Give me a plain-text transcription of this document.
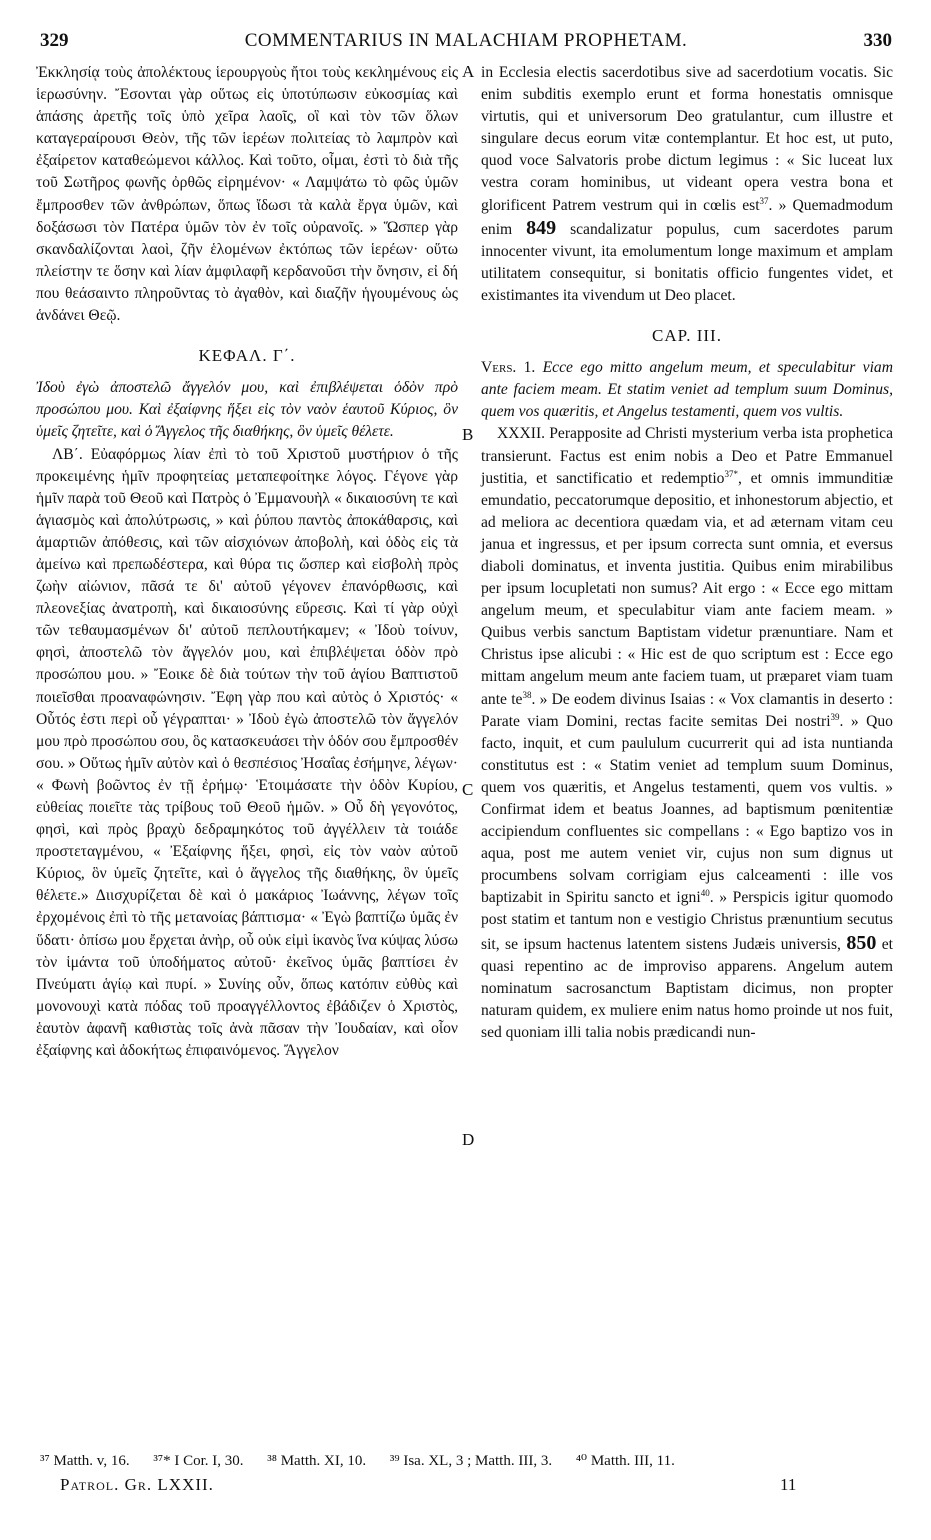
329	COMMENTARIUS IN MALACHIAM PROPHETAM.	330
A
B
C
D

Ἐκκλησίᾳ τοὺς ἀπολέκτους ἱερουργοὺς ἤτοι τοὺς κεκλημένους εἰς ἱερωσύνην. Ἔσονται γὰρ οὕτως εἰς ὑποτύπωσιν εὐκοσμίας καὶ ἁπάσης ἀρετῆς τοῖς ὑπὸ χεῖρα λαοῖς, οἳ καὶ τὸν τῶν ὅλων καταγεραίρουσι Θεὸν, τῆς τῶν ἱερέων πολιτείας τὸ λαμπρὸν καὶ ἐξαίρετον καταθεώμενοι κάλλος. Καὶ τοῦτο, οἶμαι, ἐστὶ τὸ διὰ τῆς τοῦ Σωτῆρος φωνῆς ὀρθῶς εἰρημένον· « Λαμψάτω τὸ φῶς ὑμῶν ἔμπροσθεν τῶν ἀνθρώπων, ὅπως ἴδωσι τὰ καλὰ ἔργα ὑμῶν, καὶ δοξάσωσι τὸν Πατέρα ὑμῶν τὸν ἐν τοῖς οὐρανοῖς. » Ὥσπερ γὰρ σκανδαλίζονται λαοὶ, ζῆν ἑλομένων ἐκτόπως τῶν ἱερέων· οὕτω πλείστην τε ὅσην καὶ λίαν ἀμφιλαφῆ κερδανοῦσι τὴν ὄνησιν, εἰ δή που θεάσαιντο πληροῦντας τὸ ἀγαθὸν, καὶ διαζῆν ἡγουμένους ὡς ἁνδάνει Θεῷ.

ΚΕΦΑΛ. Γ΄.

Ἰδοὺ ἐγὼ ἀποστελῶ ἄγγελόν μου, καὶ ἐπιβλέψεται ὁδὸν πρὸ προσώπου μου. Καὶ ἐξαίφνης ἥξει εἰς τὸν ναὸν ἑαυτοῦ Κύριος, ὃν ὑμεῖς ζητεῖτε, καὶ ὁ Ἄγγελος τῆς διαθήκης, ὃν ὑμεῖς θέλετε.

ΛΒ΄. Εὐαφόρμως λίαν ἐπὶ τὸ τοῦ Χριστοῦ μυστήριον ὁ τῆς προκειμένης ἡμῖν προφητείας μεταπεφοίτηκε λόγος. Γέγονε γὰρ ἡμῖν παρὰ τοῦ Θεοῦ καὶ Πατρὸς ὁ Ἐμμανουὴλ « δικαιοσύνη τε καὶ ἁγιασμὸς καὶ ἀπολύτρωσις, » καὶ ῥύπου παντὸς ἀποκάθαρσις, καὶ ἁμαρτιῶν ἀπόθεσις, καὶ τῶν αἰσχιόνων ἀποβολὴ, καὶ ὁδὸς εἰς τὰ ἀμείνω καὶ πρεπωδέστερα, καὶ θύρα τις ὥσπερ καὶ εἰσβολὴ πρὸς ζωὴν αἰώνιον, πᾶσά τε δι' αὐτοῦ γέγονεν ἐπανόρθωσις, καὶ πλεονεξίας ἀνατροπὴ, καὶ δικαιοσύνης εὕρεσις. Καὶ τί γὰρ οὐχὶ τῶν τεθαυμασμένων δι' αὐτοῦ πεπλουτήκαμεν; « Ἰδοὺ τοίνυν, φησὶ, ἀποστελῶ τὸν ἄγγελόν μου, καὶ ἐπιβλέψεται ὁδὸν πρὸ προσώπου μου. » Ἔοικε δὲ διὰ τούτων τὴν τοῦ ἁγίου Βαπτιστοῦ ποιεῖσθαι προαναφώνησιν. Ἔφη γὰρ που καὶ αὐτὸς ὁ Χριστός· « Οὗτός ἐστι περὶ οὗ γέγραπται· » Ἰδοὺ ἐγὼ ἀποστελῶ τὸν ἄγγελόν μου πρὸ προσώπου σου, ὃς κατασκευάσει τὴν ὁδόν σου ἔμπροσθέν σου. » Οὕτως ἡμῖν αὐτὸν καὶ ὁ θεσπέσιος Ἠσαΐας ἐσήμηνε, λέγων· « Φωνὴ βοῶντος ἐν τῇ ἐρήμῳ· Ἑτοιμάσατε τὴν ὁδὸν Κυρίου, εὐθείας ποιεῖτε τὰς τρίβους τοῦ Θεοῦ ἡμῶν. » Οὗ δὴ γεγονότος, φησὶ, καὶ πρὸς βραχὺ δεδραμηκότος τοῦ ἀγγέλλειν τὰ τοιάδε προστεταγμένου, « Ἐξαίφνης ἥξει, φησὶ, εἰς τὸν ναὸν αὐτοῦ Κύριος, ὃν ὑμεῖς ζητεῖτε, καὶ ὁ ἄγγελος τῆς διαθήκης, ὃν ὑμεῖς θέλετε.» Διισχυρίζεται δὲ καὶ ὁ μακάριος Ἰωάννης, λέγων τοῖς ἐρχομένοις ἐπὶ τὸ τῆς μετανοίας βάπτισμα· « Ἐγὼ βαπτίζω ὑμᾶς ἐν ὕδατι· ὀπίσω μου ἔρχεται ἀνὴρ, οὗ οὐκ εἰμὶ ἱκανὸς ἵνα κύψας λύσω τὸν ἱμάντα τοῦ ὑποδήματος αὐτοῦ· ἐκεῖνος ὑμᾶς βαπτίσει ἐν Πνεύματι ἁγίῳ καὶ πυρί. » Συνίης οὖν, ὅπως κατόπιν εὐθὺς καὶ μονονουχὶ κατὰ πόδας τοῦ προαγγέλλοντος ἐβάδιζεν ὁ Χριστὸς, ἑαυτὸν ἀφανῆ καθιστὰς τοῖς ἀνὰ πᾶσαν τὴν Ἰουδαίαν, καὶ οἷον ἐξαίφνης καὶ ἀδοκήτως ἐπιφαινόμενος. Ἄγγελον

in Ecclesia electis sacerdotibus sive ad sacerdotium vocatis. Sic enim subditis exemplo erunt et forma honestatis omnisque virtutis, qui et universorum Deo gratulantur, cum illustre et singulare decus eorum vitæ contemplantur. Et hoc est, ut puto, quod voce Salvatoris probe dictum legimus : « Sic luceat lux vestra coram hominibus, ut videant opera vestra bona et glorificent Patrem vestrum qui in cœlis est$^{37}$. » Quemadmodum enim 849 scandalizatur populus, cum sacerdotes parum innocenter vivunt, ita emolumentum longe maximum et amplam utilitatem consequitur, si bonitatis officio fungentes videt, et existimantes ita vivendum ut Deo placet.

CAP. III.

Vers. 1. Ecce ego mitto angelum meum, et speculabitur viam ante faciem meam. Et statim veniet ad templum suum Dominus, quem vos quæritis, et Angelus testamenti, quem vos vultis.

XXXII. Perapposite ad Christi mysterium verba ista prophetica transierunt. Factus est enim nobis a Deo et Patre Emmanuel justitia, et sanctificatio et redemptio$^{37*}$, et omnis immunditiæ emundatio, peccatorumque depositio, et inhonestorum abjectio, et ad meliora ac decentiora quædam via, et ad æternam vitam ceu janua et ingressus, et per ipsum correcta sunt omnia, et eversus diaboli dominatus, et inventa justitia. Quibus enim mirabilibus per ipsum locupletati non sumus? Ait ergo : « Ecce ego mittam angelum meum, et speculabitur viam ante faciem meam. » Quibus verbis sanctum Baptistam videtur prænuntiare. Nam et Christus ipse alicubi : « Hic est de quo scriptum est : Ecce ego mittam angelum meum ante faciem tuam, ut præparet viam tuam ante $te^{38}$. » De eodem divinus Isaias : « Vox clamantis in deserto : Parate viam Domini, rectas facite semitas Dei nostri$^{39}$. » Quo facto, inquit, et cum paululum cucurrerit qui ad ista nuntianda constitutus est : « Statim veniet ad templum suum Dominus, quem vos quæritis, et Angelus testamenti, quem vos vultis. » Confirmat idem et beatus Joannes, ad baptismum pœnitentiæ accipiendum confluentes sic compellans : « Ego baptizo vos in aqua, post me autem veniet vir, cujus non sum dignus ut procumbens solvam corrigiam ejus calceamenti : ille vos baptizabit in Spiritu sancto et igni$^{40}$. » Perspicis igitur quomodo post statim et tantum non e vestigio Christus prænuntium secutus sit, se ipsum hactenus latentem sistens Judæis universis, 850 et quasi repentino ac de improviso apparens. Angelum autem nominatum sacrosanctum Baptistam dicimus, non propter naturam quidem, ex muliere enim natus homo proinde ut nos fuit, sed quoniam illi talia nobis prædicandi nun-

³⁷ Matth. v, 16. ³⁷* I Cor. I, 30. ³⁸ Matth. XI, 10. ³⁹ Isa. XL, 3 ; Matth. III, 3. ⁴⁰ Matth. III, 11.
Patrol. Gr. LXXII.	11
